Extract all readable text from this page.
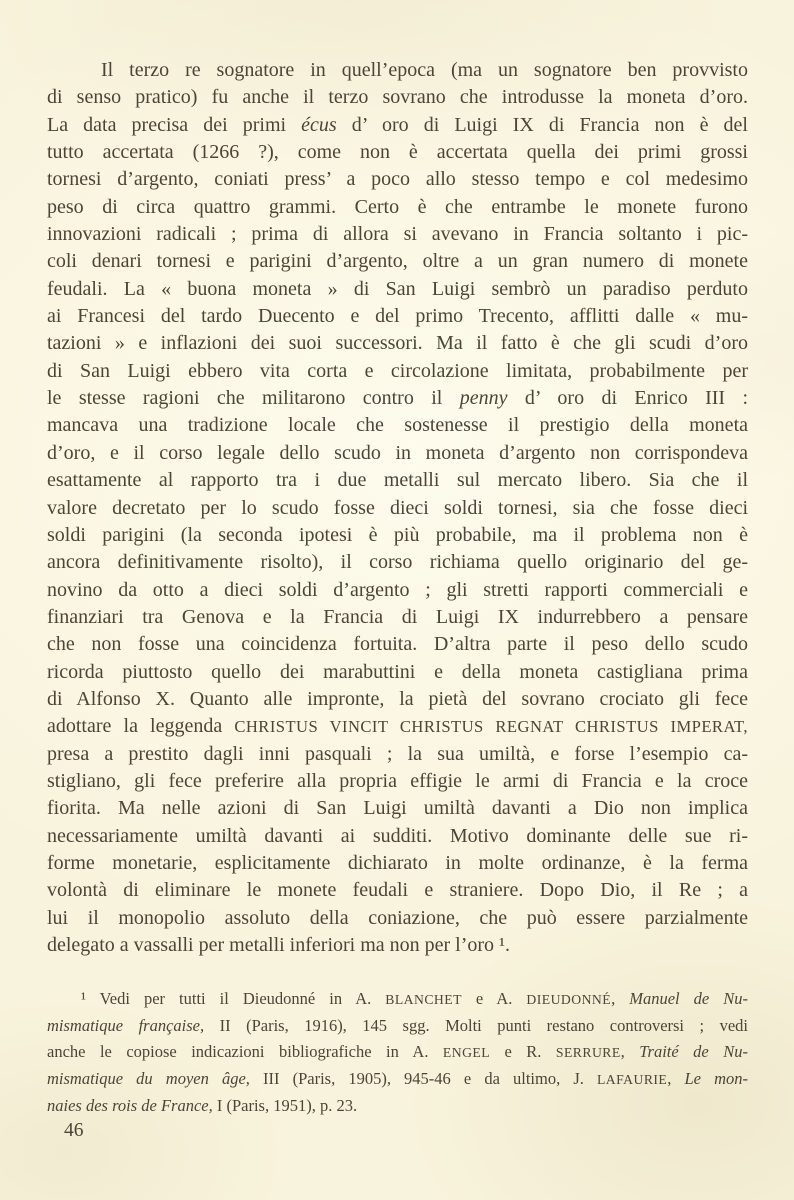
Il terzo re sognatore in quell’epoca (ma un sognatore ben provvisto
di senso pratico) fu anche il terzo sovrano che introdusse la moneta d’oro.
La data precisa dei primi écus d’ oro di Luigi IX di Francia non è del
tutto accertata (1266 ?), come non è accertata quella dei primi grossi
tornesi d’argento, coniati press’ a poco allo stesso tempo e col medesimo
peso di circa quattro grammi. Certo è che entrambe le monete furono
innovazioni radicali ; prima di allora si avevano in Francia soltanto i pic-
coli denari tornesi e parigini d’argento, oltre a un gran numero di monete
feudali. La « buona moneta » di San Luigi sembrò un paradiso perduto
ai Francesi del tardo Duecento e del primo Trecento, afflitti dalle « mu-
tazioni » e inflazioni dei suoi successori. Ma il fatto è che gli scudi d’oro
di San Luigi ebbero vita corta e circolazione limitata, probabilmente per
le stesse ragioni che militarono contro il penny d’ oro di Enrico III :
mancava una tradizione locale che sostenesse il prestigio della moneta
d’oro, e il corso legale dello scudo in moneta d’argento non corrispondeva
esattamente al rapporto tra i due metalli sul mercato libero. Sia che il
valore decretato per lo scudo fosse dieci soldi tornesi, sia che fosse dieci
soldi parigini (la seconda ipotesi è più probabile, ma il problema non è
ancora definitivamente risolto), il corso richiama quello originario del ge-
novino da otto a dieci soldi d’argento ; gli stretti rapporti commerciali e
finanziari tra Genova e la Francia di Luigi IX indurrebbero a pensare
che non fosse una coincidenza fortuita. D’altra parte il peso dello scudo
ricorda piuttosto quello dei marabuttini e della moneta castigliana prima
di Alfonso X. Quanto alle impronte, la pietà del sovrano crociato gli fece
adottare la leggenda CHRISTUS VINCIT CHRISTUS REGNAT CHRISTUS IMPERAT,
presa a prestito dagli inni pasquali ; la sua umiltà, e forse l’esempio ca-
stigliano, gli fece preferire alla propria effigie le armi di Francia e la croce
fiorita. Ma nelle azioni di San Luigi umiltà davanti a Dio non implica
necessariamente umiltà davanti ai sudditi. Motivo dominante delle sue ri-
forme monetarie, esplicitamente dichiarato in molte ordinanze, è la ferma
volontà di eliminare le monete feudali e straniere. Dopo Dio, il Re ; a
lui il monopolio assoluto della coniazione, che può essere parzialmente
delegato a vassalli per metalli inferiori ma non per l’oro ¹.
¹ Vedi per tutti il Dieudonné in A. BLANCHET e A. DIEUDONNÉ, Manuel de Nu-
mismatique française, II (Paris, 1916), 145 sgg. Molti punti restano controversi ; vedi
anche le copiose indicazioni bibliografiche in A. ENGEL e R. SERRURE, Traité de Nu-
mismatique du moyen âge, III (Paris, 1905), 945-46 e da ultimo, J. LAFAURIE, Le mon-
naies des rois de France, I (Paris, 1951), p. 23.
46
